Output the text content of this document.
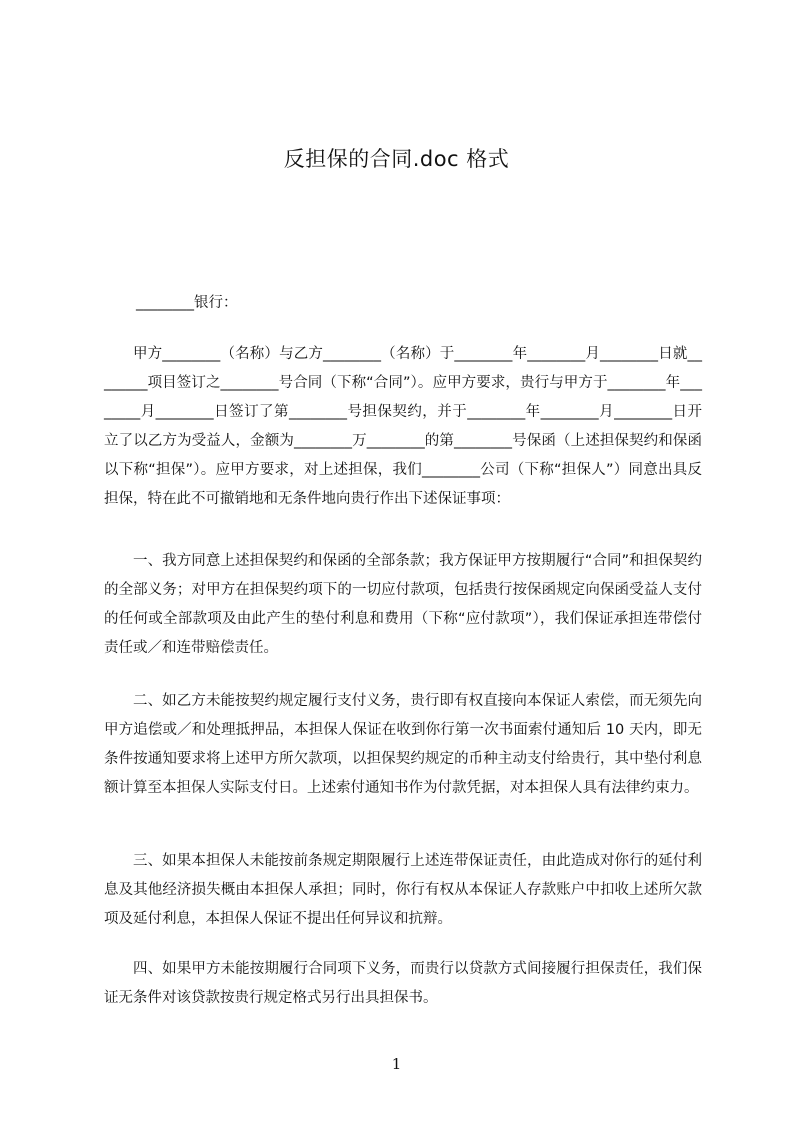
反担保的合同.doc 格式

________银行：

甲方________（名称）与乙方________（名称）于________年________月________日就________项目签订之________号合同（下称“合同”）。应甲方要求，贵行与甲方于________年________月________日签订了第________号担保契约，并于________年________月________日开立了以乙方为受益人，金额为________万________的第________号保函（上述担保契约和保函以下称“担保”）。应甲方要求，对上述担保，我们________公司（下称“担保人”）同意出具反担保，特在此不可撤销地和无条件地向贵行作出下述保证事项：

一、我方同意上述担保契约和保函的全部条款；我方保证甲方按期履行“合同”和担保契约的全部义务；对甲方在担保契约项下的一切应付款项，包括贵行按保函规定向保函受益人支付的任何或全部款项及由此产生的垫付利息和费用（下称“应付款项”），我们保证承担连带偿付责任或／和连带赔偿责任。

二、如乙方未能按契约规定履行支付义务，贵行即有权直接向本保证人索偿，而无须先向甲方追偿或／和处理抵押品，本担保人保证在收到你行第一次书面索付通知后 10 天内，即无条件按通知要求将上述甲方所欠款项，以担保契约规定的币种主动支付给贵行，其中垫付利息额计算至本担保人实际支付日。上述索付通知书作为付款凭据，对本担保人具有法律约束力。

三、如果本担保人未能按前条规定期限履行上述连带保证责任，由此造成对你行的延付利息及其他经济损失概由本担保人承担；同时，你行有权从本保证人存款账户中扣收上述所欠款项及延付利息，本担保人保证不提出任何异议和抗辩。

四、如果甲方未能按期履行合同项下义务，而贵行以贷款方式间接履行担保责任，我们保证无条件对该贷款按贵行规定格式另行出具担保书。

1
